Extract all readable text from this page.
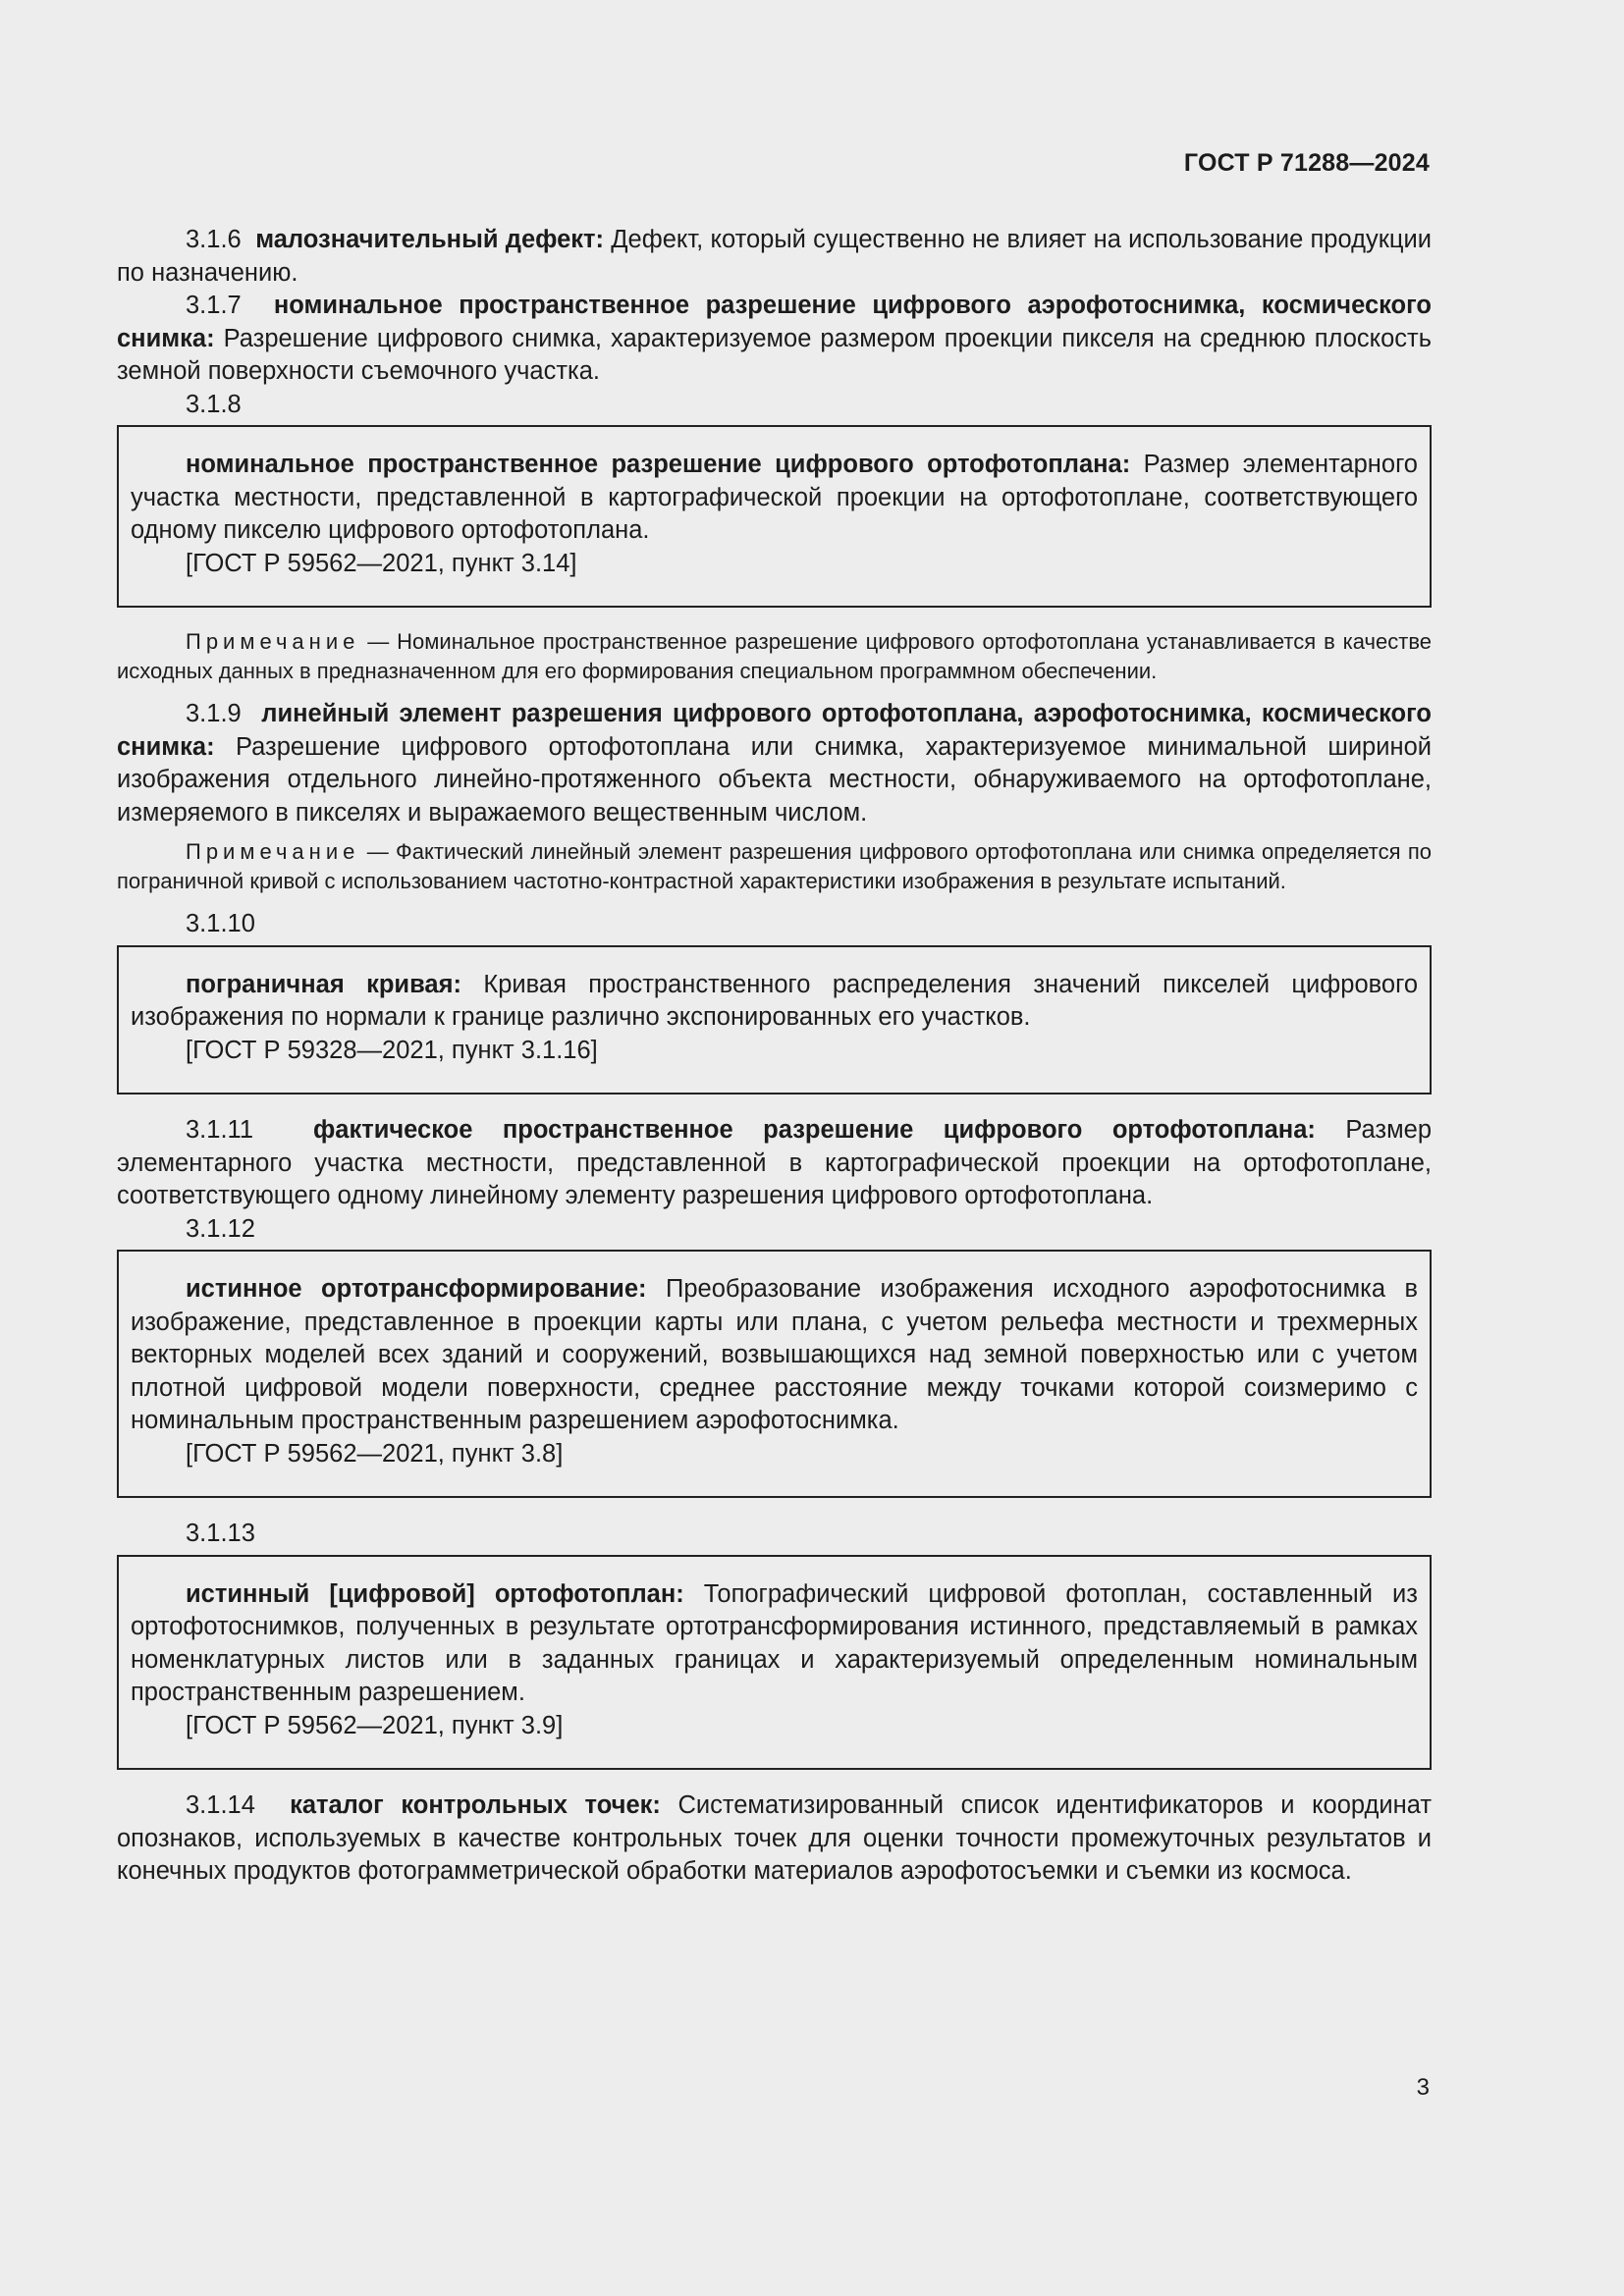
ГОСТ Р 71288—2024

3.1.6 малозначительный дефект: Дефект, который существенно не влияет на использование продукции по назначению.

3.1.7 номинальное пространственное разрешение цифрового аэрофотоснимка, космического снимка: Разрешение цифрового снимка, характеризуемое размером проекции пикселя на среднюю плоскость земной поверхности съемочного участка.

3.1.8

номинальное пространственное разрешение цифрового ортофотоплана: Размер элементарного участка местности, представленной в картографической проекции на ортофотоплане, соответствующего одному пикселю цифрового ортофотоплана.

[ГОСТ Р 59562—2021, пункт 3.14]

Примечание — Номинальное пространственное разрешение цифрового ортофотоплана устанавливается в качестве исходных данных в предназначенном для его формирования специальном программном обеспечении.

3.1.9 линейный элемент разрешения цифрового ортофотоплана, аэрофотоснимка, космического снимка: Разрешение цифрового ортофотоплана или снимка, характеризуемое минимальной шириной изображения отдельного линейно-протяженного объекта местности, обнаруживаемого на ортофотоплане, измеряемого в пикселях и выражаемого вещественным числом.

Примечание — Фактический линейный элемент разрешения цифрового ортофотоплана или снимка определяется по пограничной кривой с использованием частотно-контрастной характеристики изображения в результате испытаний.

3.1.10

пограничная кривая: Кривая пространственного распределения значений пикселей цифрового изображения по нормали к границе различно экспонированных его участков.

[ГОСТ Р 59328—2021, пункт 3.1.16]

3.1.11 фактическое пространственное разрешение цифрового ортофотоплана: Размер элементарного участка местности, представленной в картографической проекции на ортофотоплане, соответствующего одному линейному элементу разрешения цифрового ортофотоплана.

3.1.12

истинное ортотрансформирование: Преобразование изображения исходного аэрофотоснимка в изображение, представленное в проекции карты или плана, с учетом рельефа местности и трехмерных векторных моделей всех зданий и сооружений, возвышающихся над земной поверхностью или с учетом плотной цифровой модели поверхности, среднее расстояние между точками которой соизмеримо с номинальным пространственным разрешением аэрофотоснимка.

[ГОСТ Р 59562—2021, пункт 3.8]
3.1.13

истинный [цифровой] ортофотоплан: Топографический цифровой фотоплан, составленный из ортофотоснимков, полученных в результате ортотрансформирования истинного, представляемый в рамках номенклатурных листов или в заданных границах и характеризуемый определенным номинальным пространственным разрешением.

[ГОСТ Р 59562—2021, пункт 3.9]

3.1.14 каталог контрольных точек: Систематизированный список идентификаторов и координат опознаков, используемых в качестве контрольных точек для оценки точности промежуточных результатов и конечных продуктов фотограмметрической обработки материалов аэрофотосъемки и съемки из космоса.

3
